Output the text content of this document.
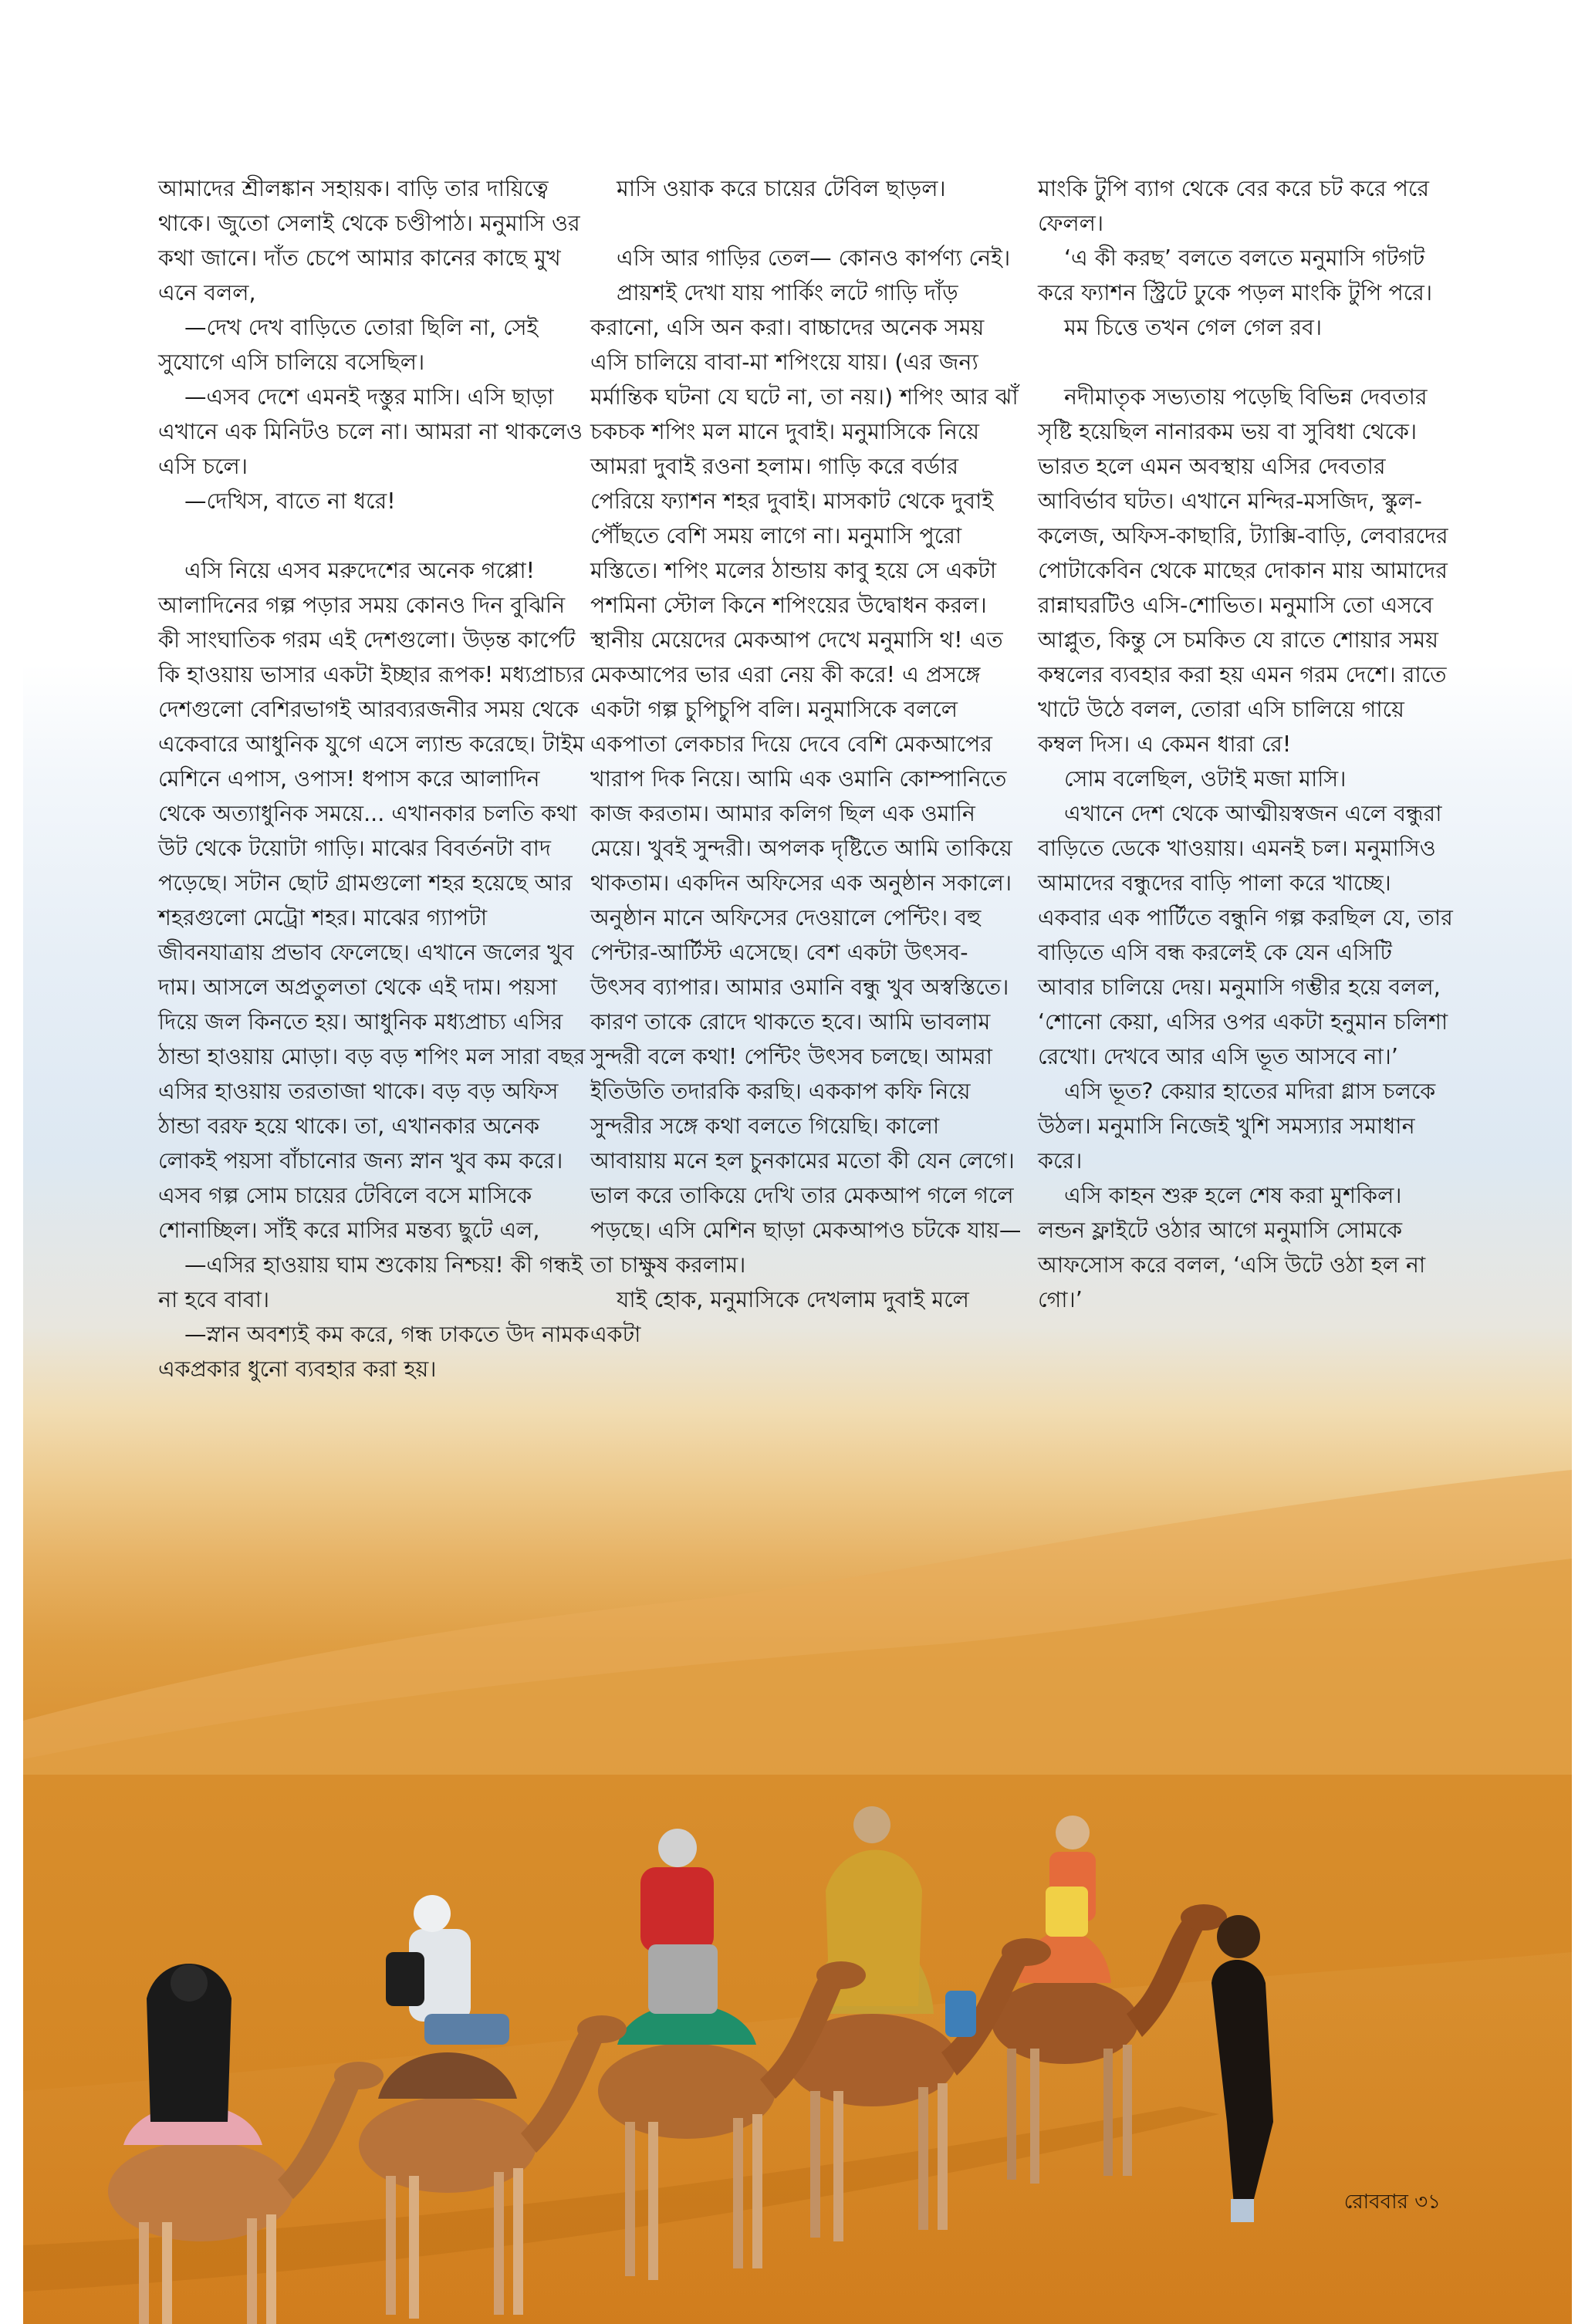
আমাদের শ্রীলঙ্কান সহায়ক। বাড়ি তার দায়িত্বে থাকে। জুতো সেলাই থেকে চণ্ডীপাঠ। মনুমাসি ওর কথা জানে। দাঁত চেপে আমার কানের কাছে মুখ এনে বলল,

—দেখ দেখ বাড়িতে তোরা ছিলি না, সেই সুযোগে এসি চালিয়ে বসেছিল।

—এসব দেশে এমনই দস্তুর মাসি। এসি ছাড়া এখানে এক মিনিটও চলে না। আমরা না থাকলেও এসি চলে।

—দেখিস, বাতে না ধরে!

এসি নিয়ে এসব মরুদেশের অনেক গপ্পো! আলাদিনের গল্প পড়ার সময় কোনও দিন বুঝিনি কী সাংঘাতিক গরম এই দেশগুলো। উড়ন্ত কার্পেট কি হাওয়ায় ভাসার একটা ইচ্ছার রূপক! মধ্যপ্রাচ্যর দেশগুলো বেশিরভাগই আরব্যরজনীর সময় থেকে একেবারে আধুনিক যুগে এসে ল্যান্ড করেছে। টাইম মেশিনে এপাস, ওপাস! ধপাস করে আলাদিন থেকে অত্যাধুনিক সময়ে... এখানকার চলতি কথা উট থেকে টয়োটা গাড়ি। মাঝের বিবর্তনটা বাদ পড়েছে। সটান ছোট গ্রামগুলো শহর হয়েছে আর শহরগুলো মেট্রো শহর। মাঝের গ্যাপটা জীবনযাত্রায় প্রভাব ফেলেছে। এখানে জলের খুব দাম। আসলে অপ্রতুলতা থেকে এই দাম। পয়সা দিয়ে জল কিনতে হয়। আধুনিক মধ্যপ্রাচ্য এসির ঠান্ডা হাওয়ায় মোড়া। বড় বড় শপিং মল সারা বছর এসির হাওয়ায় তরতাজা থাকে। বড় বড় অফিস ঠান্ডা বরফ হয়ে থাকে। তা, এখানকার অনেক লোকই পয়সা বাঁচানোর জন্য স্নান খুব কম করে। এসব গল্প সোম চায়ের টেবিলে বসে মাসিকে শোনাচ্ছিল। সাঁই করে মাসির মন্তব্য ছুটে এল,

—এসির হাওয়ায় ঘাম শুকোয় নিশ্চয়! কী গন্ধই না হবে বাবা।

—স্নান অবশ্যই কম করে, গন্ধ ঢাকতে উদ নামক একপ্রকার ধুনো ব্যবহার করা হয়।

মাসি ওয়াক করে চায়ের টেবিল ছাড়ল।

এসি আর গাড়ির তেল— কোনও কার্পণ্য নেই।

প্রায়শই দেখা যায় পার্কিং লটে গাড়ি দাঁড় করানো, এসি অন করা। বাচ্চাদের অনেক সময় এসি চালিয়ে বাবা-মা শপিংয়ে যায়। (এর জন্য মর্মান্তিক ঘটনা যে ঘটে না, তা নয়।) শপিং আর ঝাঁ চকচক শপিং মল মানে দুবাই। মনুমাসিকে নিয়ে আমরা দুবাই রওনা হলাম। গাড়ি করে বর্ডার পেরিয়ে ফ্যাশন শহর দুবাই। মাসকাট থেকে দুবাই পৌঁছতে বেশি সময় লাগে না। মনুমাসি পুরো মস্তিতে। শপিং মলের ঠান্ডায় কাবু হয়ে সে একটা পশমিনা স্টোল কিনে শপিংয়ের উদ্বোধন করল। স্থানীয় মেয়েদের মেকআপ দেখে মনুমাসি থ! এত মেকআপের ভার এরা নেয় কী করে! এ প্রসঙ্গে একটা গল্প চুপিচুপি বলি। মনুমাসিকে বললে একপাতা লেকচার দিয়ে দেবে বেশি মেকআপের খারাপ দিক নিয়ে। আমি এক ওমানি কোম্পানিতে কাজ করতাম। আমার কলিগ ছিল এক ওমানি মেয়ে। খুবই সুন্দরী। অপলক দৃষ্টিতে আমি তাকিয়ে থাকতাম। একদিন অফিসের এক অনুষ্ঠান সকালে। অনুষ্ঠান মানে অফিসের দেওয়ালে পেন্টিং। বহু পেন্টার-আর্টিস্ট এসেছে। বেশ একটা উৎসব-উৎসব ব্যাপার। আমার ওমানি বন্ধু খুব অস্বস্তিতে। কারণ তাকে রোদে থাকতে হবে। আমি ভাবলাম সুন্দরী বলে কথা! পেন্টিং উৎসব চলছে। আমরা ইতিউতি তদারকি করছি। এককাপ কফি নিয়ে সুন্দরীর সঙ্গে কথা বলতে গিয়েছি। কালো আবায়ায় মনে হল চুনকামের মতো কী যেন লেগে। ভাল করে তাকিয়ে দেখি তার মেকআপ গলে গলে পড়ছে। এসি মেশিন ছাড়া মেকআপও চটকে যায়— তা চাক্ষুষ করলাম।

যাই হোক, মনুমাসিকে দেখলাম দুবাই মলে একটা

মাংকি টুপি ব্যাগ থেকে বের করে চট করে পরে ফেলল।

‘এ কী করছ’ বলতে বলতে মনুমাসি গটগট করে ফ্যাশন স্ট্রিটে ঢুকে পড়ল মাংকি টুপি পরে।

মম চিত্তে তখন গেল গেল রব।

নদীমাতৃক সভ্যতায় পড়েছি বিভিন্ন দেবতার সৃষ্টি হয়েছিল নানারকম ভয় বা সুবিধা থেকে। ভারত হলে এমন অবস্থায় এসির দেবতার আবির্ভাব ঘটত। এখানে মন্দির-মসজিদ, স্কুল-কলেজ, অফিস-কাছারি, ট্যাক্সি-বাড়ি, লেবারদের পোটাকেবিন থেকে মাছের দোকান মায় আমাদের রান্নাঘরটিও এসি-শোভিত। মনুমাসি তো এসবে আপ্লুত, কিন্তু সে চমকিত যে রাতে শোয়ার সময় কম্বলের ব্যবহার করা হয় এমন গরম দেশে। রাতে খাটে উঠে বলল, তোরা এসি চালিয়ে গায়ে কম্বল দিস। এ কেমন ধারা রে!

সোম বলেছিল, ওটাই মজা মাসি।

এখানে দেশ থেকে আত্মীয়স্বজন এলে বন্ধুরা বাড়িতে ডেকে খাওয়ায়। এমনই চল। মনুমাসিও আমাদের বন্ধুদের বাড়ি পালা করে খাচ্ছে। একবার এক পার্টিতে বন্ধুনি গল্প করছিল যে, তার বাড়িতে এসি বন্ধ করলেই কে যেন এসিটি আবার চালিয়ে দেয়। মনুমাসি গম্ভীর হয়ে বলল, ‘শোনো কেয়া, এসির ওপর একটা হনুমান চলিশা রেখো। দেখবে আর এসি ভূত আসবে না।’

এসি ভূত? কেয়ার হাতের মদিরা গ্লাস চলকে উঠল। মনুমাসি নিজেই খুশি সমস্যার সমাধান করে।

এসি কাহন শুরু হলে শেষ করা মুশকিল। লন্ডন ফ্লাইটে ওঠার আগে মনুমাসি সোমকে আফসোস করে বলল, ‘এসি উটে ওঠা হল না গো।’

রোববার ৩১
